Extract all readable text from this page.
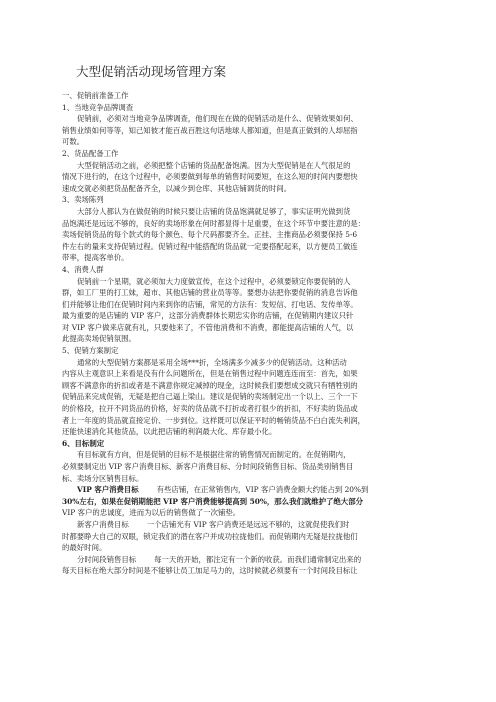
大型促销活动现场管理方案
一、促销前准备工作
1、当地竞争品牌调查
促销前，必须对当地竞争品牌调查，他们现在在做的促销活动是什么、促销效果如何、
销售业绩如何等等，知己知彼才能百战百胜这句话地球人都知道，但是真正做到的人却屈指
可数。
2、货品配备工作
大型促销活动之前，必须把整个店铺的货品配备饱满。因为大型促销是在人气很足的
情况下进行的，在这个过程中，必须要做到每单的销售时间要短，在这么短的时间内要想快
速成交就必须把货品配备齐全，以减少到仓库、其他店铺调货的时间。
3、卖场陈列
大部分人都认为在做促销的时候只要让店铺的货品饱满就足够了，事实证明光做到货
品饱满还是远远不够的，良好的卖场形象在何时都显得十足重要，在这个环节中要注意的是：
卖场促销货品的每个款式的每个颜色、每个尺码都要齐全。正挂、主推商品必须要保持 5-6
件左右的量来支持促销过程。促销过程中能搭配的货品就一定要搭配起来，以方便员工做连
带率，提高客单价。
4、消费人群
促销前一个星期，就必须加大力度做宣传，在这个过程中，必须要锁定你要促销的人
群，如工厂里的打工妹，超市、其他店铺的营业员等等。要想办法把你要促销的消息告诉他
们并能够让他们在促销时间内来到你的店铺，常见的方法有：发短信、打电话、发传单等。
最为重要的是店铺的 VIP 客户，这部分消费群体长期忠实你的店铺，在促销期内建议只针
对 VIP 客户做来店就有礼，只要他来了，不管他消费和不消费，都能提高店铺的人气，以
此提高卖场促销氛围。
5、促销方案制定
通常的大型促销方案都是采用全场***折，全场满多少减多少的促销活动。这种活动
内容从主观意识上来看是没有什么问题所在，但是在销售过程中问题连连而至：首先，如果
顾客不满意你的折扣或者是不满意你规定减掉的现金，这时候我们要想成交就只有牺牲别的
促销品来完成促销，无疑是把自己逼上梁山。建议是促销的卖场制定出一个以上、三个一下
的价格段，拉开不同货品的价格，好卖的货品就不打折或者打很少的折扣，不好卖的货品或
者上一年度的货品就直接定价、一步到位。这样既可以保证平时的畅销货品不白白流失利润，
还能快速消化其他货品，以此把店铺的利润最大化、库存最小化。
6、目标制定
有目标就有方向，但是促销的目标不是根据往常的销售情况而制定的。在促销期内，
必须要制定出 VIP 客户消费目标、新客户消费目标、分时间段销售目标、货品类别销售目
标、卖场分区销售目标。
VIP 客户消费目标 有些店铺，在正常销售内，VIP 客户消费金额大约能占到 20%到
30%左右，如果在促销期能把 VIP 客户消费能够提高到 50%，那么我们就维护了绝大部分
VIP 客户的忠诚度，进而为以后的销售做了一次铺垫。
新客户消费目标 一个店铺光有 VIP 客户消费还是远远不够的，这就促使我们时
时都要睁大自己的双眼，锁定我们的潜在客户并成功拉拢他们。而促销期内无疑是拉拢他们
的最好时间。
分时间段销售目标 每一天的开始，都注定有一个新的收获。而我们通常制定出来的
每天目标在绝大部分时间是不能够让员工加足马力的，这时候就必须要有一个时间段目标让
